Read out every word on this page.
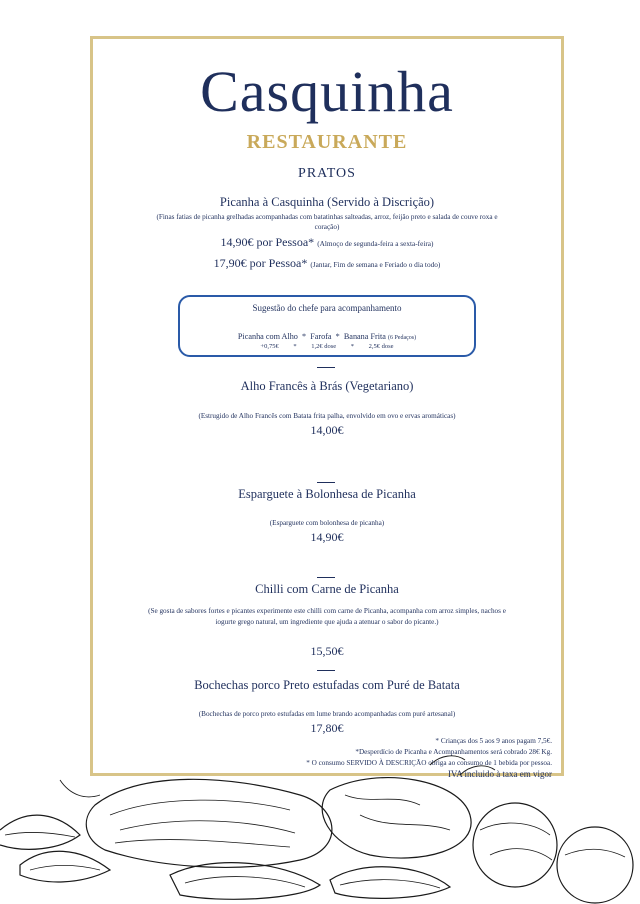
Casquinha
RESTAURANTE
PRATOS
Picanha à Casquinha (Servido à Discrição)
(Finas fatias de picanha grelhadas acompanhadas com batatinhas salteadas, arroz, feijão preto e salada de couve roxa e
coração)
14,90€ por Pessoa* (Almoço de segunda-feira a sexta-feira)
17,90€ por Pessoa* (Jantar, Fim de semana e Feriado o dia todo)
Sugestão do chefe para acompanhamento
Picanha com Alho * Farofa * Banana Frita (6 Pedaços)
+0,75€ * 1,2€ dose * 2,5€ dose
Alho Francês à Brás (Vegetariano)
(Estrugido de Alho Francês com Batata frita palha, envolvido em ovo e ervas aromáticas)
14,00€
Esparguete à Bolonhesa de Picanha
(Esparguete com bolonhesa de picanha)
14,90€
Chilli com Carne de Picanha
(Se gosta de sabores fortes e picantes experimente este chilli com carne de Picanha, acompanha com arroz simples, nachos e
iogurte grego natural, um ingrediente que ajuda a atenuar o sabor do picante.)
15,50€
Bochechas porco Preto estufadas com Puré de Batata
(Bochechas de porco preto estufadas em lume brando acompanhadas com puré artesanal)
17,80€
* Crianças dos 5 aos 9 anos pagam 7,5€.
*Desperdício de Picanha e Acompanhamentos será cobrado 28€ Kg.
* O consumo SERVIDO À DESCRIÇÃO obriga ao consumo de 1 bebida por pessoa.
IVA incluido à taxa em vigor
